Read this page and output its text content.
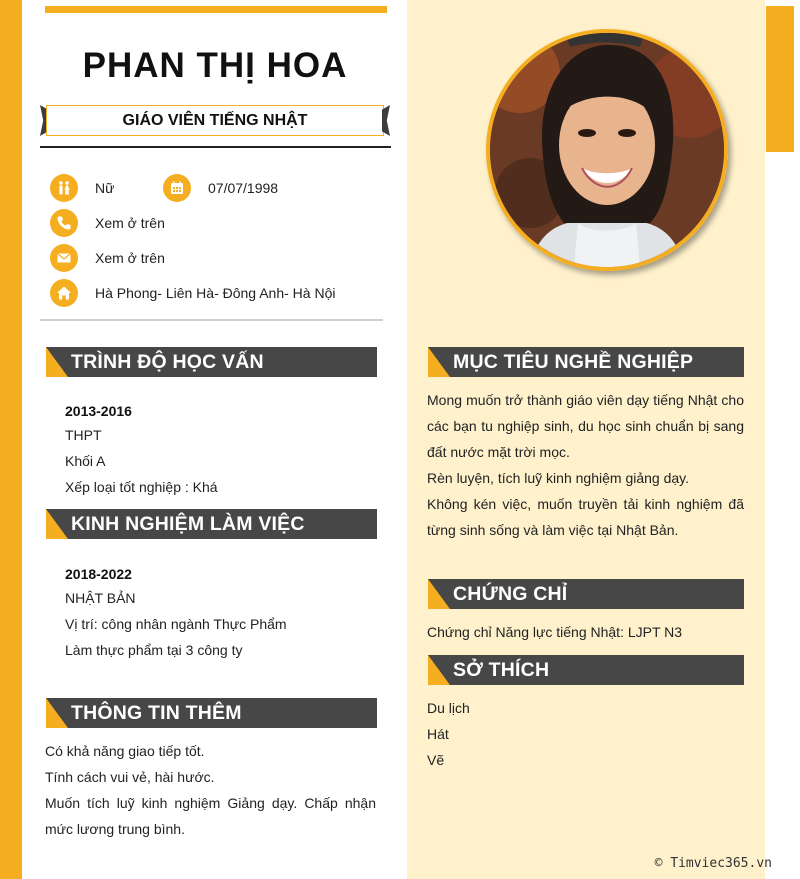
PHAN THỊ HOA
GIÁO VIÊN TIẾNG NHẬT
Nữ	07/07/1998
Xem ở trên
Xem ở trên
Hà Phong- Liên Hà- Đông Anh- Hà Nội
TRÌNH ĐỘ HỌC VẤN
2013-2016
THPT
Khối A
Xếp loại tốt nghiệp : Khá
KINH NGHIỆM LÀM VIỆC
2018-2022
NHẬT BẢN
Vị trí: công nhân ngành Thực Phẩm
Làm thực phẩm tại 3 công ty
THÔNG TIN THÊM
Có khả năng giao tiếp tốt.
Tính cách vui vẻ, hài hước.
Muốn tích luỹ kinh nghiệm Giảng dạy. Chấp nhận mức lương trung bình.
MỤC TIÊU NGHỀ NGHIỆP
Mong muốn trở thành giáo viên dạy tiếng Nhật cho các bạn tu nghiệp sinh, du học sinh chuẩn bị sang đất nước mặt trời mọc.
Rèn luyện, tích luỹ kinh nghiệm giảng dạy.
Không kén việc, muốn truyền tải kinh nghiệm đã từng sinh sống và làm việc tại Nhật Bản.
CHỨNG CHỈ
Chứng chỉ Năng lực tiếng Nhật: LJPT N3
SỞ THÍCH
Du lịch
Hát
Vẽ
© Timviec365.vn
